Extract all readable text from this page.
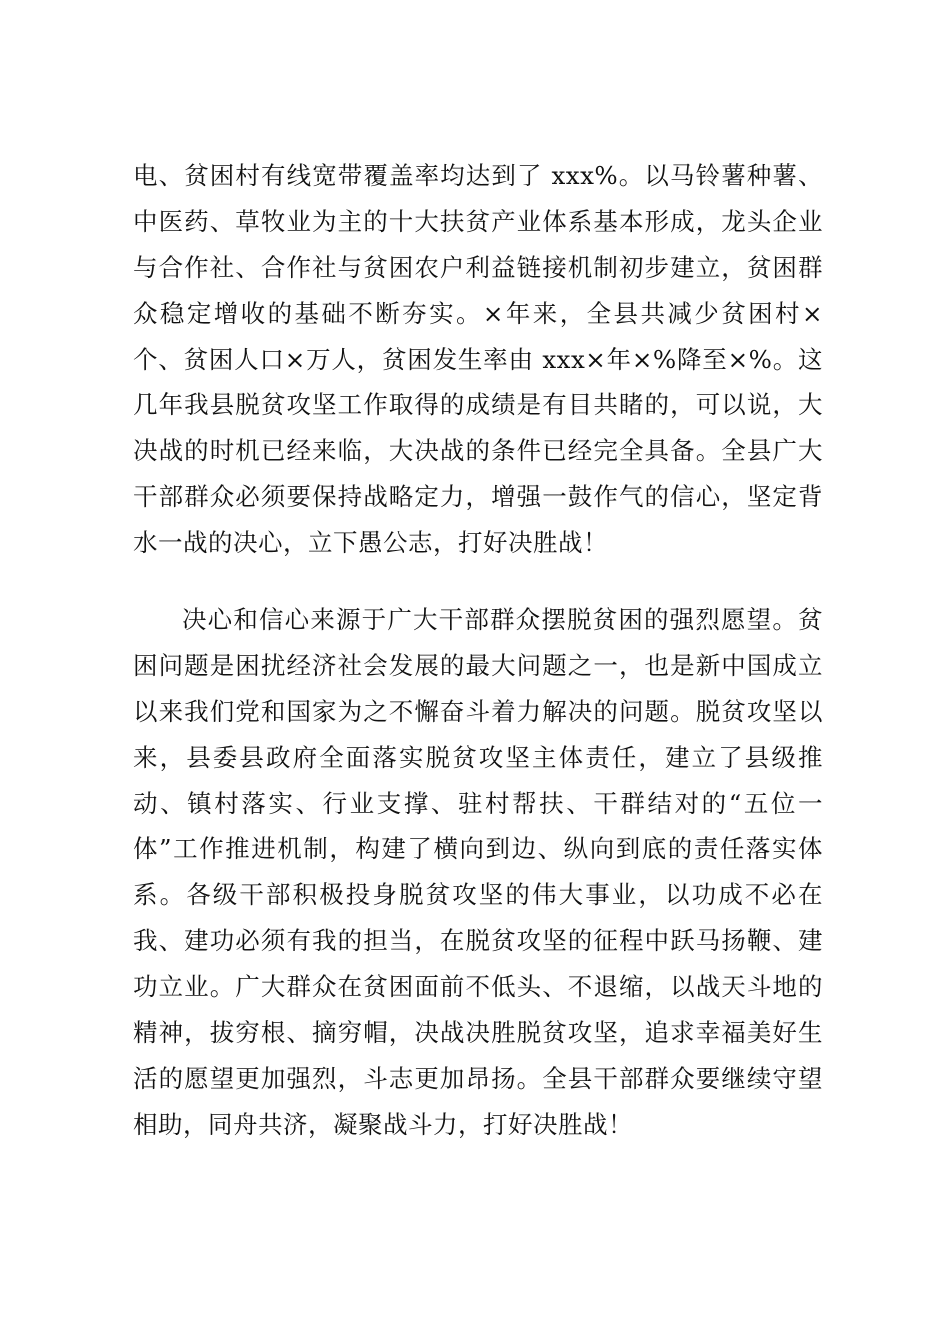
电、贫困村有线宽带覆盖率均达到了 xxx%。以马铃薯种薯、
中医药、草牧业为主的十大扶贫产业体系基本形成，龙头企业
与合作社、合作社与贫困农户利益链接机制初步建立，贫困群
众稳定增收的基础不断夯实。×年来，全县共减少贫困村×
个、贫困人口×万人，贫困发生率由 xxx×年×%降至×%。这
几年我县脱贫攻坚工作取得的成绩是有目共睹的，可以说，大
决战的时机已经来临，大决战的条件已经完全具备。全县广大
干部群众必须要保持战略定力，增强一鼓作气的信心，坚定背
水一战的决心，立下愚公志，打好决胜战！
决心和信心来源于广大干部群众摆脱贫困的强烈愿望。贫
困问题是困扰经济社会发展的最大问题之一，也是新中国成立
以来我们党和国家为之不懈奋斗着力解决的问题。脱贫攻坚以
来，县委县政府全面落实脱贫攻坚主体责任，建立了县级推
动、镇村落实、行业支撑、驻村帮扶、干群结对的“五位一
体”工作推进机制，构建了横向到边、纵向到底的责任落实体
系。各级干部积极投身脱贫攻坚的伟大事业，以功成不必在
我、建功必须有我的担当，在脱贫攻坚的征程中跃马扬鞭、建
功立业。广大群众在贫困面前不低头、不退缩，以战天斗地的
精神，拔穷根、摘穷帽，决战决胜脱贫攻坚，追求幸福美好生
活的愿望更加强烈，斗志更加昂扬。全县干部群众要继续守望
相助，同舟共济，凝聚战斗力，打好决胜战！
